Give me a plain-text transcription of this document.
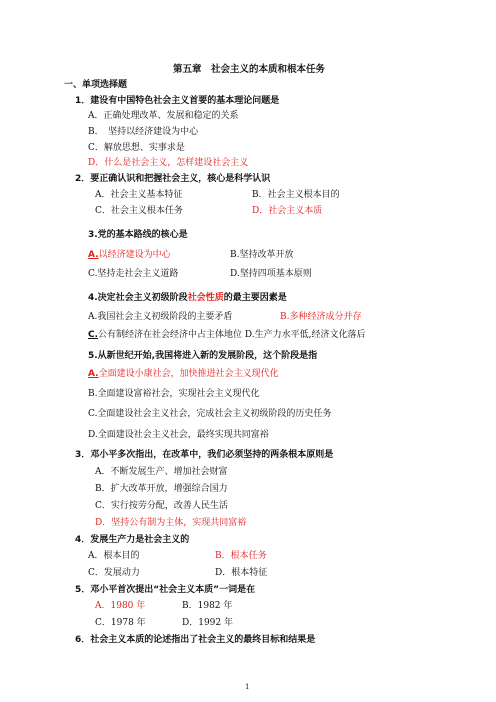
第五章　社会主义的本质和根本任务
一、单项选择题
1．建设有中国特色社会主义首要的基本理论问题是
A．正确处理改革、发展和稳定的关系
B．　坚持以经济建设为中心
C．解放思想、实事求是
D．什么是社会主义，怎样建设社会主义
2．要正确认识和把握社会主义，核心是科学认识
A．社会主义基本特征	B．社会主义根本目的
C．社会主义根本任务	D．社会主义本质
3.党的基本路线的核心是
A.以经济建设为中心	B.坚持改革开放
C.坚持走社会主义道路	D.坚持四项基本原则
4.决定社会主义初级阶段社会性质的最主要因素是
A.我国社会主义初级阶段的主要矛盾	B.多种经济成分并存
C.公有制经济在社会经济中占主体地位 D.生产力水平低,经济文化落后
5.从新世纪开始,我国将进入新的发展阶段，这个阶段是指
A.全面建设小康社会，加快推进社会主义现代化
B.全面建设富裕社会，实现社会主义现代化
C.全面建设社会主义社会，完成社会主义初级阶段的历史任务
D.全面建设社会主义社会，最终实现共同富裕
3．邓小平多次指出，在改革中，我们必须坚持的两条根本原则是
A．不断发展生产、增加社会财富
B．扩大改革开放，增强综合国力
C．实行按劳分配，改善人民生活
D．坚持公有制为主体，实现共同富裕
4．发展生产力是社会主义的
A．根本目的	B．根本任务
C．发展动力	D．根本特征
5．邓小平首次提出“社会主义本质”一词是在
A．1980 年	B．1982 年
C．1978 年	D．1992 年
6．社会主义本质的论述指出了社会主义的最终目标和结果是
1
